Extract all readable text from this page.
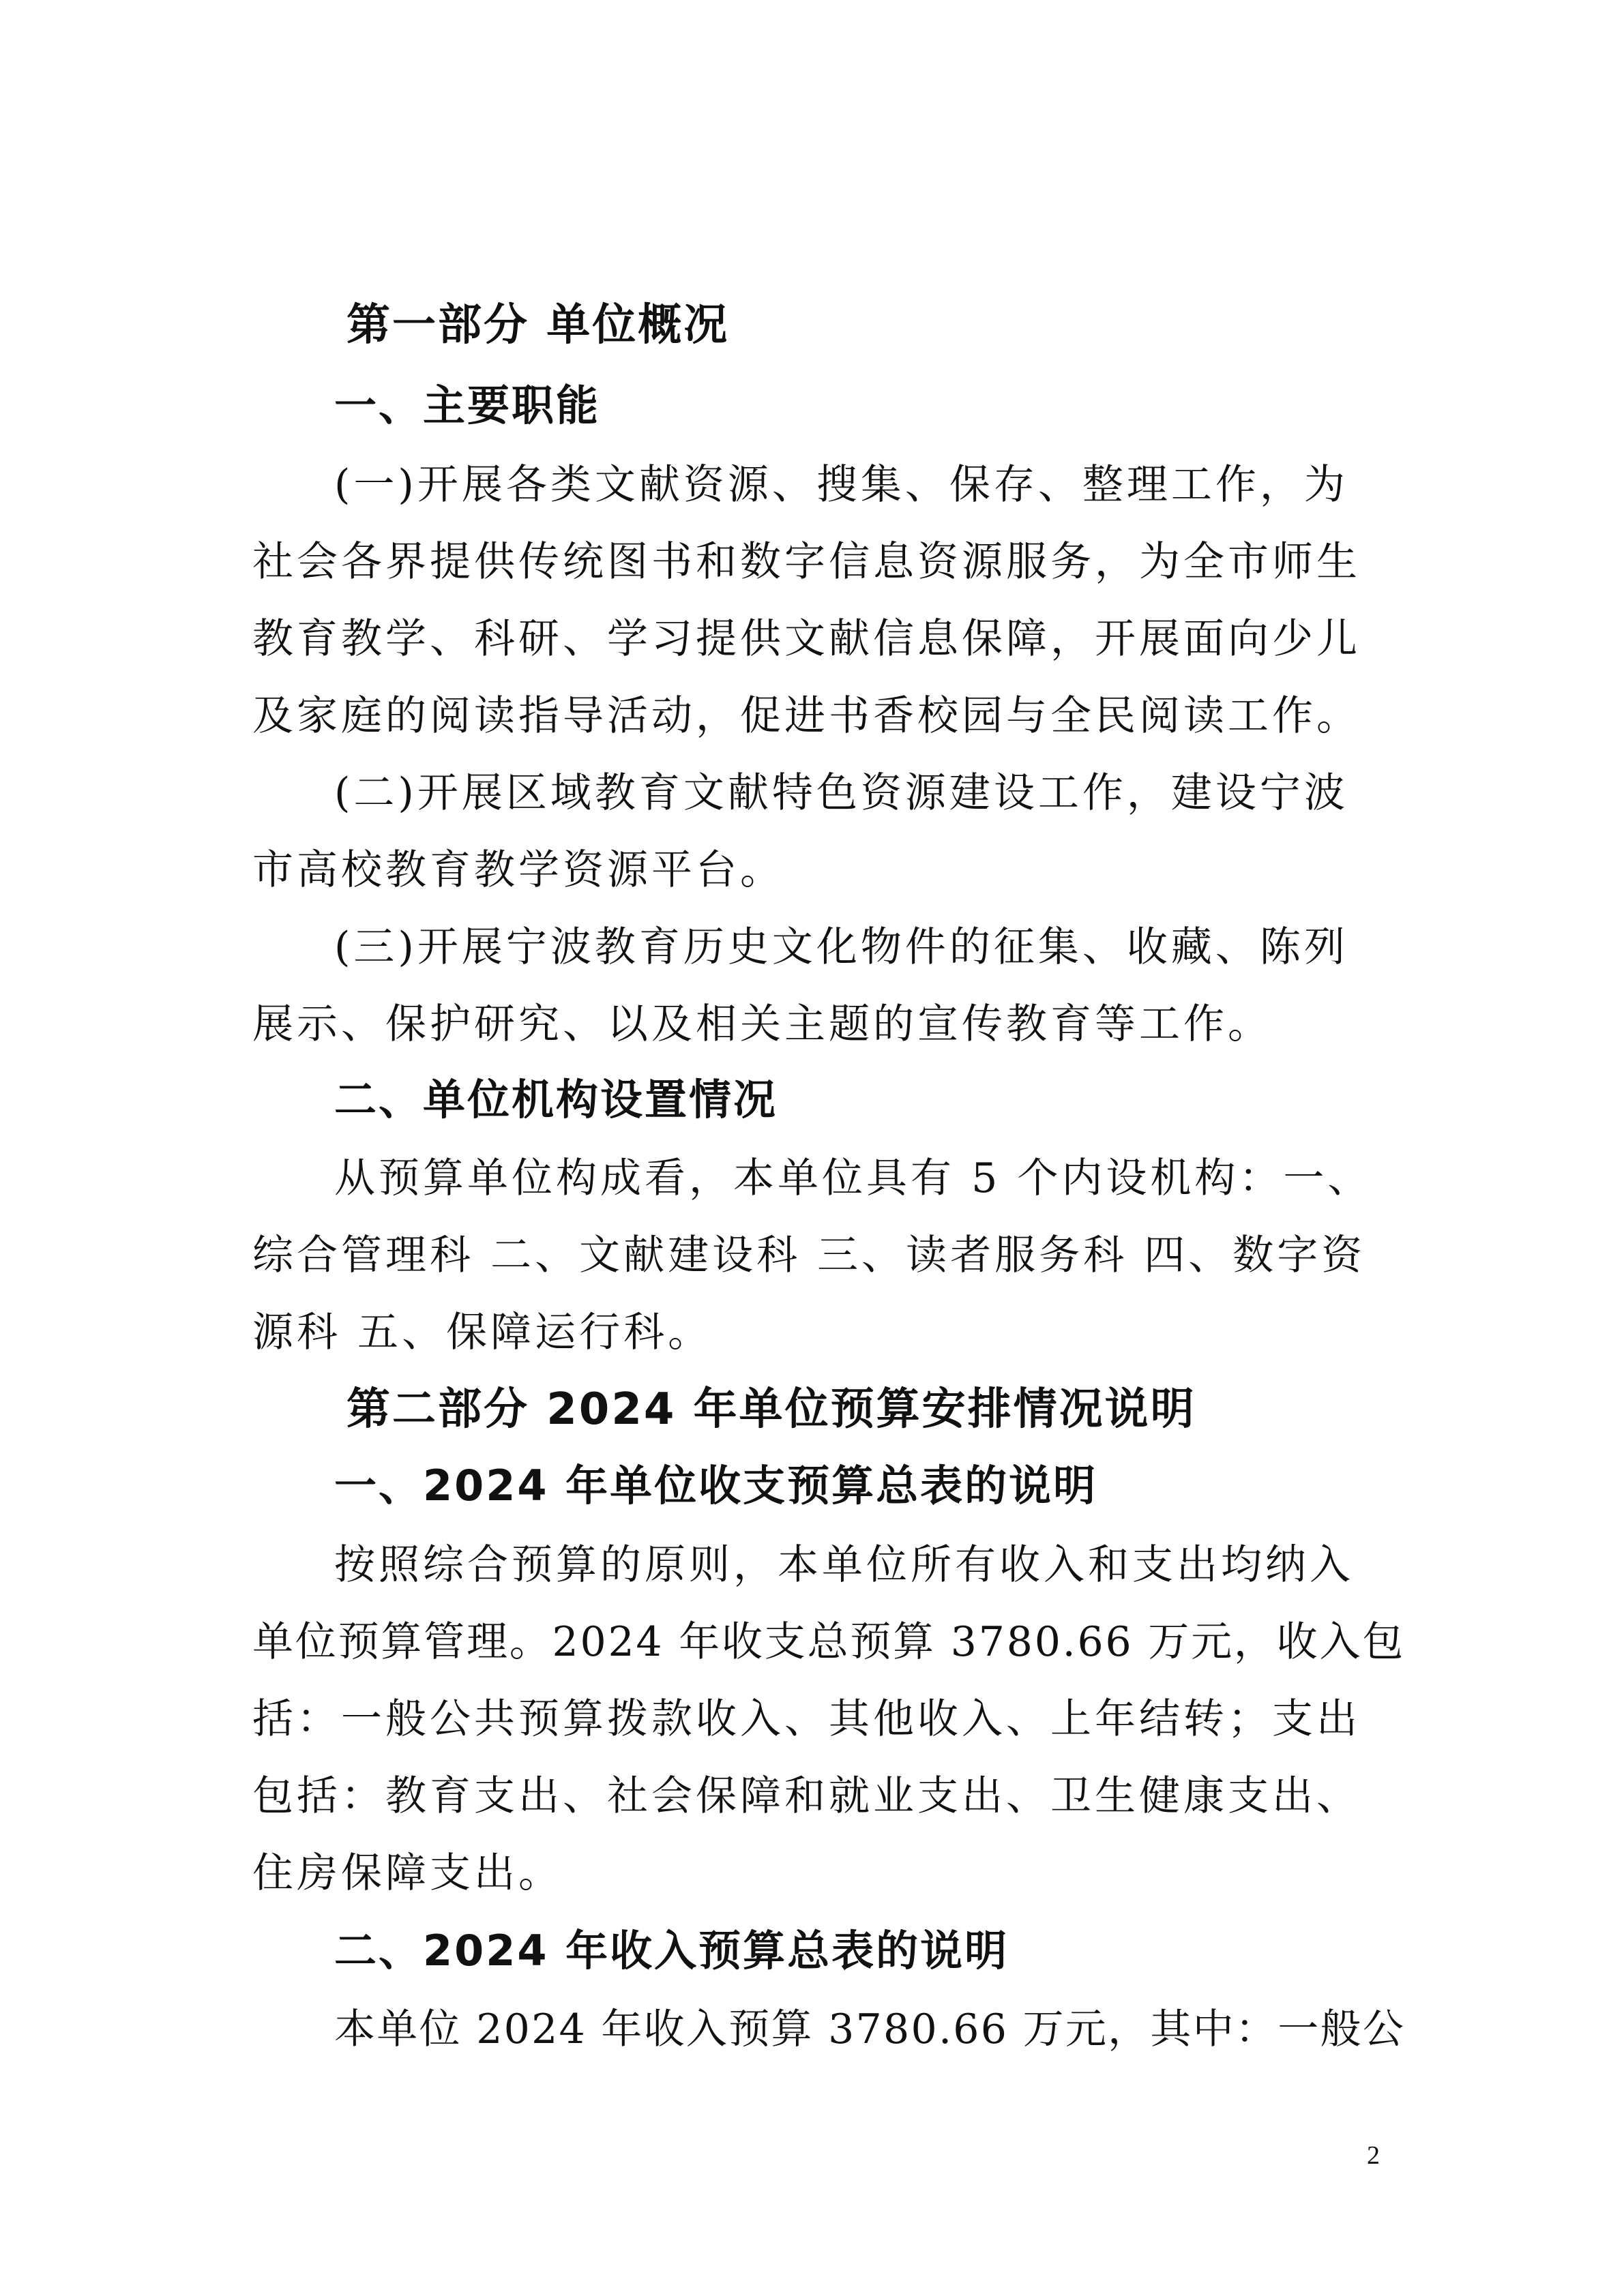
第一部分 单位概况
一、主要职能
(一)开展各类文献资源、搜集、保存、整理工作，为
社会各界提供传统图书和数字信息资源服务，为全市师生
教育教学、科研、学习提供文献信息保障，开展面向少儿
及家庭的阅读指导活动，促进书香校园与全民阅读工作。
(二)开展区域教育文献特色资源建设工作，建设宁波
市高校教育教学资源平台。
(三)开展宁波教育历史文化物件的征集、收藏、陈列
展示、保护研究、以及相关主题的宣传教育等工作。
二、单位机构设置情况
从预算单位构成看，本单位具有 5 个内设机构：一、
综合管理科 二、文献建设科 三、读者服务科 四、数字资
源科 五、保障运行科。
第二部分 2024 年单位预算安排情况说明
一、2024 年单位收支预算总表的说明
按照综合预算的原则，本单位所有收入和支出均纳入
单位预算管理。2024 年收支总预算 3780.66 万元，收入包
括：一般公共预算拨款收入、其他收入、上年结转；支出
包括：教育支出、社会保障和就业支出、卫生健康支出、
住房保障支出。
二、2024 年收入预算总表的说明
本单位 2024 年收入预算 3780.66 万元，其中：一般公
2
